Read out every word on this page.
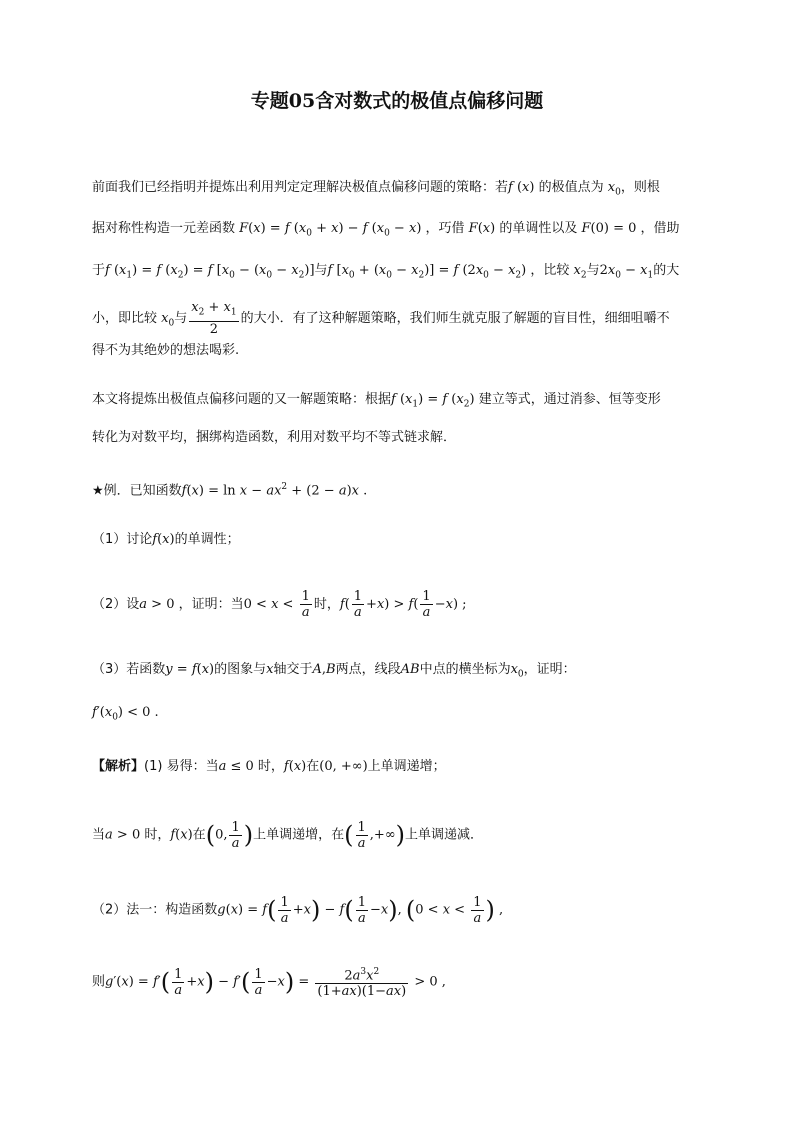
专题05含对数式的极值点偏移问题
前面我们已经指明并提炼出利用判定定理解决极值点偏移问题的策略：若f (x) 的极值点为 $x_0$，则根
据对称性构造一元差函数 F(x) = f $(x_0 + x) - f$ $(x_0 - x)$ ，巧借 F(x) 的单调性以及 F(0) = 0 ，借助
于f $(x_1) = f$ $(x_2) = f$ $[x_0 - (x_0 - x_2)]$与f $[x_0 + (x_0 - x_2)] = f$ $(2x_0 - x_2)$ ，比较 $x_2$与$2x_0 - x_1$的大
小，即比较 $x_0$与 $\frac{x_2 + x_1}{2}$ 的大小．有了这种解题策略，我们师生就克服了解题的盲目性，细细咀嚼不
得不为其绝妙的想法喝彩.
本文将提炼出极值点偏移问题的又一解题策略：根据f $(x_1) = f$ $(x_2)$ 建立等式，通过消参、恒等变形
转化为对数平均，捆绑构造函数，利用对数平均不等式链求解．
★例．已知函数$f(x) = \ln x - ax^2 + (2 - a)x$ .
（1）讨论f(x)的单调性；
（2）设a > 0 ，证明：当$0 < x < \frac{1}{a}$ 时，$f( \frac{1}{a} +x) > f( \frac{1}{a} -x)$ ;
（3）若函数y = f(x)的图象与x轴交于A,B两点，线段AB中点的横坐标为$x_0$，证明：
$f'(x_0) < 0$ .
【解析】(1) 易得：当a ≤ 0 时，f(x)在(0, +∞)上单调递增；
当a > 0 时，f(x)在(0, $\frac{1}{a}$ )上单调递增，在( $\frac{1}{a}$ ,+∞)上单调递减．
（2）法一：构造函数$g(x) = f( \frac{1}{a} +x) - f( \frac{1}{a} -x)$, ($0 < x < \frac{1}{a}$ ) ,
则$g'(x) = f'( \frac{1}{a} +x) - f'( \frac{1}{a} -x) = \frac{2a^3x^2}{(1+ax)(1-ax)} > 0$ ,
